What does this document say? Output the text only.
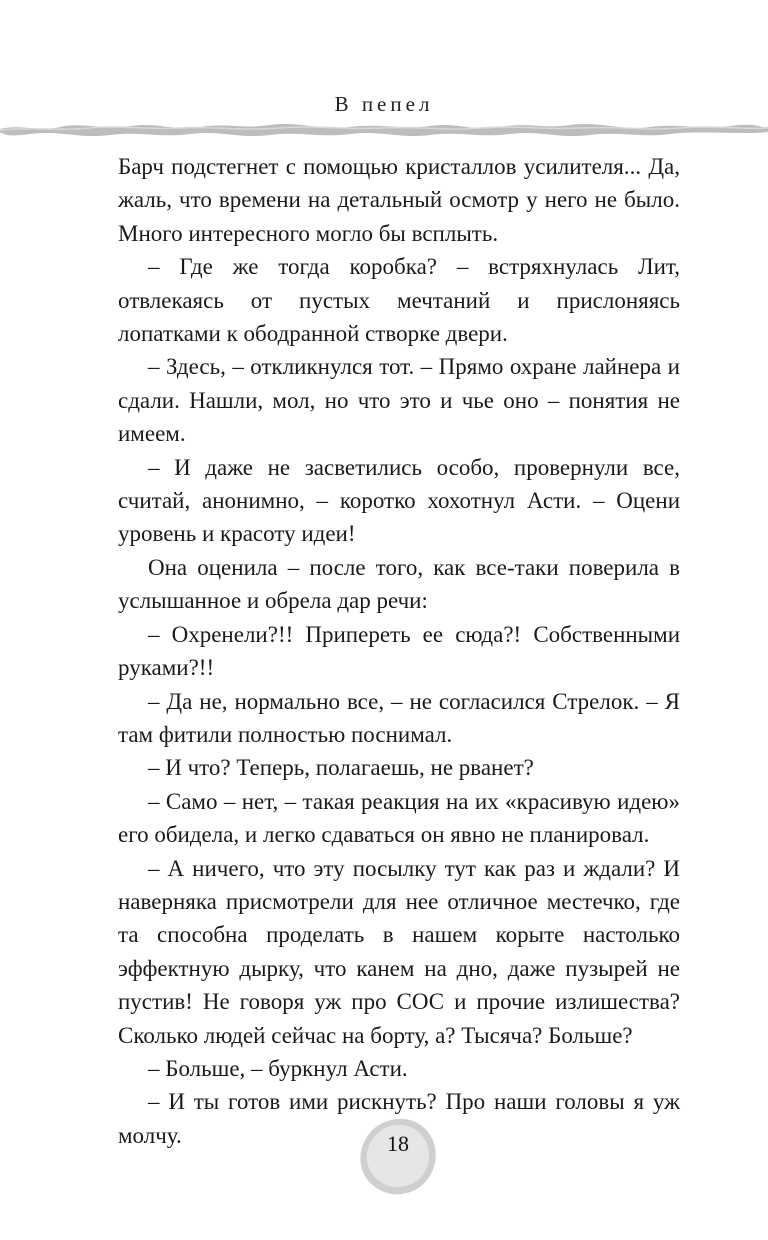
В пепел

Барч подстегнет с помощью кристаллов усилителя... Да, жаль, что времени на детальный осмотр у него не было. Много интересного могло бы всплыть.

– Где же тогда коробка? – встряхнулась Лит, отвлекаясь от пустых мечтаний и прислоняясь лопатками к ободранной створке двери.

– Здесь, – откликнулся тот. – Прямо охране лайнера и сдали. Нашли, мол, но что это и чье оно – понятия не имеем.

– И даже не засветились особо, провернули все, считай, анонимно, – коротко хохотнул Асти. – Оцени уровень и красоту идеи!

Она оценила – после того, как все-таки поверила в услышанное и обрела дар речи:

– Охренели?!! Припереть ее сюда?! Собственными руками?!!

– Да не, нормально все, – не согласился Стрелок. – Я там фитили полностью поснимал.

– И что? Теперь, полагаешь, не рванет?

– Само – нет, – такая реакция на их «красивую идею» его обидела, и легко сдаваться он явно не планировал.

– А ничего, что эту посылку тут как раз и ждали? И наверняка присмотрели для нее отличное местечко, где та способна проделать в нашем корыте настолько эффектную дырку, что канем на дно, даже пузырей не пустив! Не говоря уж про СОС и прочие излишества? Сколько людей сейчас на борту, а? Тысяча? Больше?

– Больше, – буркнул Асти.

– И ты готов ими рискнуть? Про наши головы я уж молчу.	18
